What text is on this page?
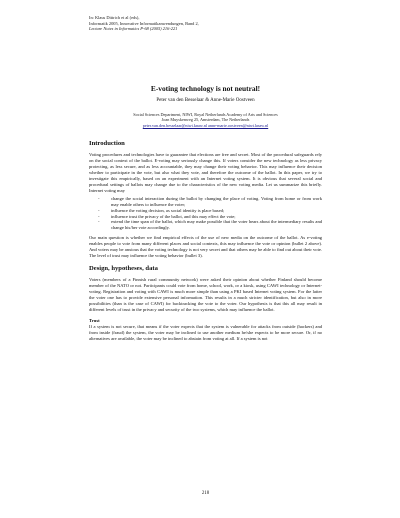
In: Klaus Dittrich et al (eds),
Informatik 2005, Innovative Informatikanwendungen, Band 2,
Lecture Notes in Informatics P-68 (2005) 216-221
E-voting technology is not neutral!
Peter van den Besselaar & Anne-Marie Oostveen
Social Sciences Department, NIWI, Royal Netherlands Academy of Arts and Sciences
Joan Muyskenweg 25, Amsterdam, The Netherlands
peter.van.den.besselaar@niwi.knaw.nl anne-marie.oostveen@niwi.knaw.nl
Introduction

Voting procedures and technologies have to guarantee that elections are free and secret. Most of the procedural safeguards rely on the social context of the ballot. E-voting may seriously change this. If voters consider the new technology as less privacy protecting, as less secure, and as less accountable, they may change their voting behavior. This may influence their decision whether to participate in the vote, but also what they vote, and therefore the outcome of the ballot. In this paper, we try to investigate this empirically, based on an experiment with an Internet voting system. It is obvious that several social and procedural settings of ballots may change due to the characteristics of the new voting media. Let us summarize this briefly. Internet voting may

- change the social interaction during the ballot by changing the place of voting. Voting from home or from work may enable others to influence the voter;
- influence the voting decision, as social identity is place based;
- influence trust the privacy of the ballot, and this may effect the vote;
- extend the time span of the ballot, which may make possible that the voter hears about the intermediary results and change his/her vote accordingly.

Our main question is whether we find empirical effects of the use of new media on the outcome of the ballot. As e-voting enables people to vote from many different places and social contexts, this may influence the vote or opinion (bullet 2 above). And voters may be anxious that the voting technology is not very secret and that others may be able to find out about their vote. The level of trust may influence the voting behavior (bullet 3).

Design, hypotheses, data

Voters (members of a Finnish rural community network) were asked their opinion about whether Finland should become member of the NATO or not. Participants could vote from home, school, work, or a kiosk, using CAWI technology or Internet-voting. Registration and voting with CAWI is much more simple than using a PKI based Internet voting system. For the latter the voter one has to provide extensive personal information. This results in a much stricter identification, but also in more possibilities (than is the case of CAWI) for backtracking the vote to the voter. Our hypothesis is that this all may result in different levels of trust in the privacy and security of the two systems, which may influence the ballot.

Trust

If a system is not secure, that means if the voter expects that the system is vulnerable for attacks from outside (hackers) and from inside (fraud) the system, the voter may be inclined to use another medium he/she expects to be more secure. Or, if no alternatives are available, the voter may be inclined to abstain from voting at all. If a system is not

218
